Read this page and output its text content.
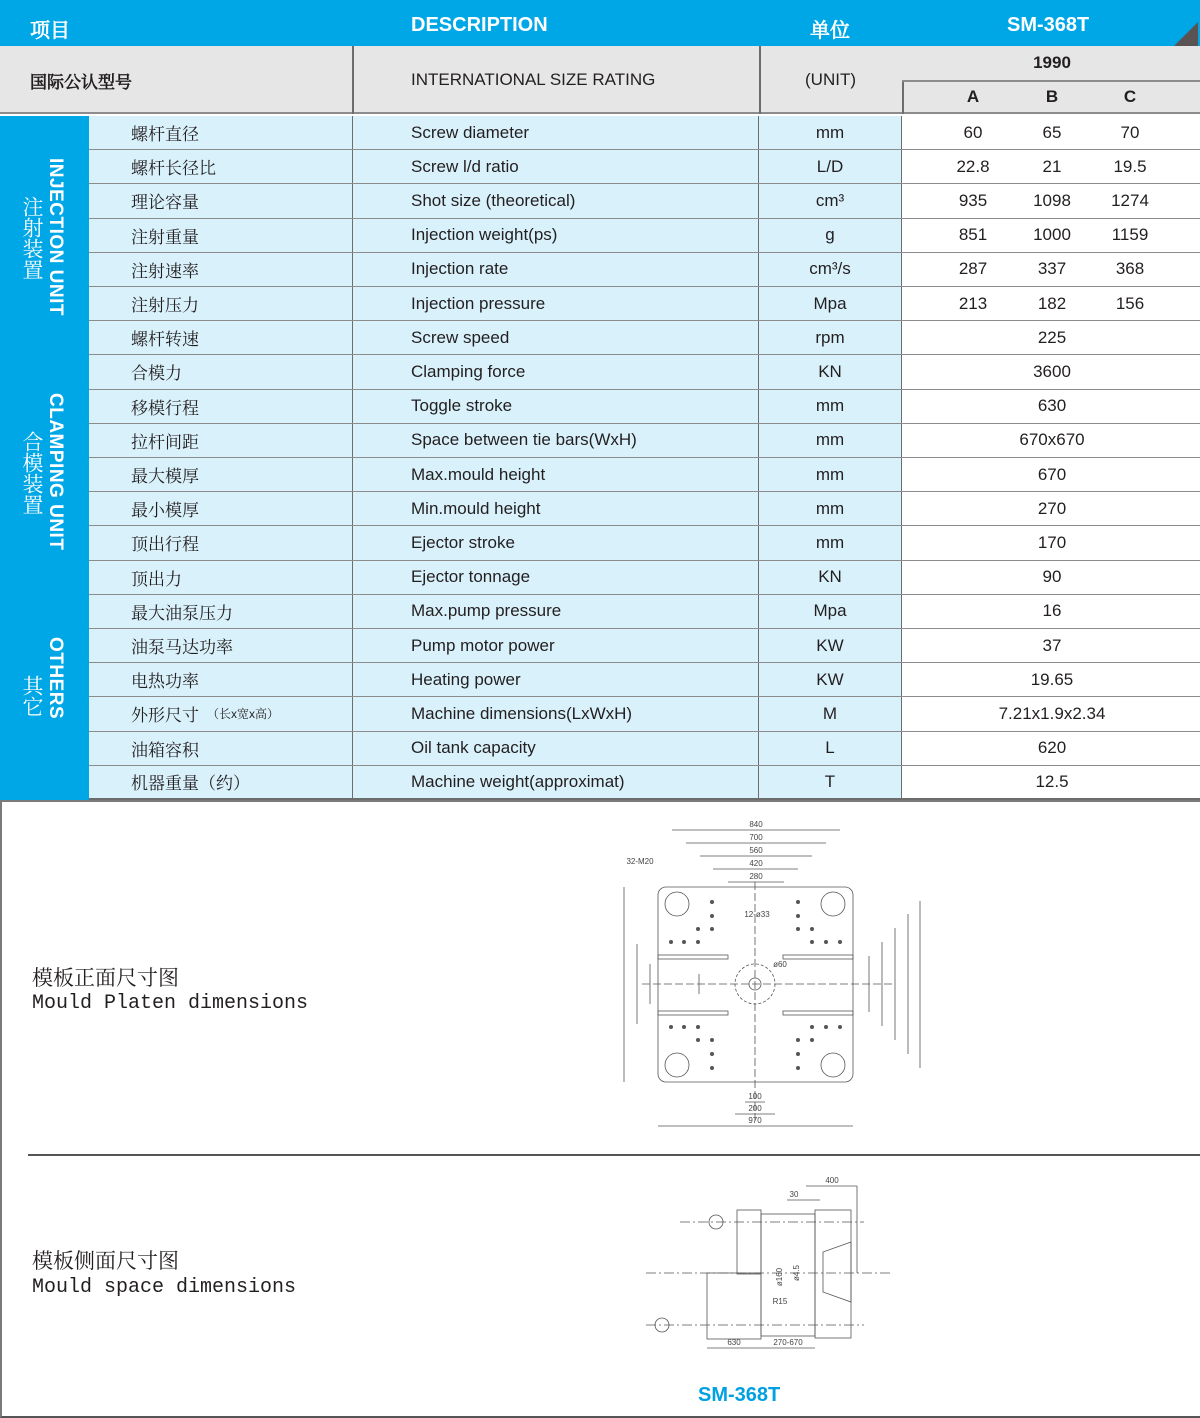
项目	DESCRIPTION	单位	SM-368T
国际公认型号	INTERNATIONAL SIZE RATING	(UNIT)
1990
A	B	C
INJECTION UNIT
注射装置
螺杆直径	Screw diameter	mm	60	65	70
螺杆长径比	Screw l/d ratio	L/D	22.8	21	19.5
理论容量	Shot size (theoretical)	cm³	935	1098	1274
注射重量	Injection weight(ps)	g	851	1000	1159
注射速率	Injection rate	cm³/s	287	337	368
注射压力	Injection pressure	Mpa	213	182	156
螺杆转速	Screw speed	rpm	225
CLAMPING UNIT
合模装置
合模力	Clamping force	KN	3600
移模行程	Toggle stroke	mm	630
拉杆间距	Space between tie bars(WxH)	mm	670x670
最大模厚	Max.mould height	mm	670
最小模厚	Min.mould height	mm	270
顶出行程	Ejector stroke	mm	170
顶出力	Ejector tonnage	KN	90
OTHERS
其它
最大油泵压力	Max.pump pressure	Mpa	16
油泵马达功率	Pump motor power	KW	37
电热功率	Heating power	KW	19.65
外形尺寸 （长x宽x高）	Machine dimensions(LxWxH)	M	7.21x1.9x2.34
油箱容积	Oil tank capacity	L	620
机器重量（约）	Machine weight(approximat)	T	12.5
模板正面尺寸图
Mould Platen dimensions
840
700
560
420
280
32-M20
12-ø33
ø60
100
200
970
模板侧面尺寸图
Mould space dimensions
30
400
ø160 ø4.5
R15
630	270-670
SM-368T
